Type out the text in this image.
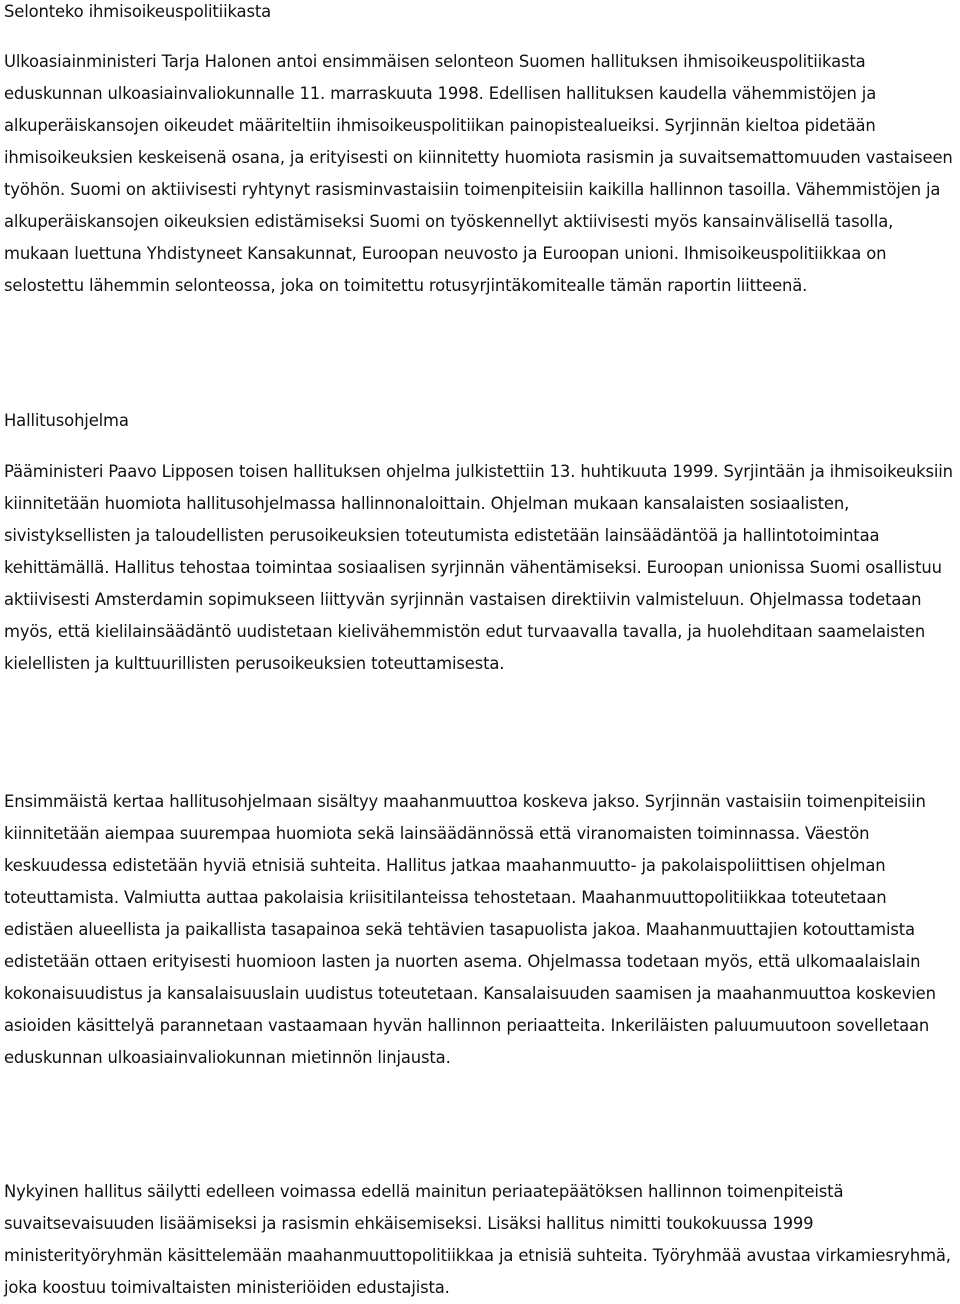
Selonteko ihmisoikeuspolitiikasta

Ulkoasiainministeri Tarja Halonen antoi ensimmäisen selonteon Suomen hallituksen ihmisoikeuspolitiikasta eduskunnan ulkoasiainvaliokunnalle 11. marraskuuta 1998. Edellisen hallituksen kaudella vähemmistöjen ja alkuperäiskansojen oikeudet määriteltiin ihmisoikeuspolitiikan painopistealueiksi. Syrjinnän kieltoa pidetään ihmisoikeuksien keskeisenä osana, ja erityisesti on kiinnitetty huomiota rasismin ja suvaitsemattomuuden vastaiseen työhön. Suomi on aktiivisesti ryhtynyt rasisminvastaisiin toimenpiteisiin kaikilla hallinnon tasoilla. Vähemmistöjen ja alkuperäiskansojen oikeuksien edistämiseksi Suomi on työskennellyt aktiivisesti myös kansainvälisellä tasolla, mukaan luettuna Yhdistyneet Kansakunnat, Euroopan neuvosto ja Euroopan unioni. Ihmisoikeuspolitiikkaa on selostettu lähemmin selonteossa, joka on toimitettu rotusyrjintäkomitealle tämän raportin liitteenä.

Hallitusohjelma

Pääministeri Paavo Lipposen toisen hallituksen ohjelma julkistettiin 13. huhtikuuta 1999. Syrjintään ja ihmisoikeuksiin kiinnitetään huomiota hallitusohjelmassa hallinnonaloittain. Ohjelman mukaan kansalaisten sosiaalisten, sivistyksellisten ja taloudellisten perusoikeuksien toteutumista edistetään lainsäädäntöä ja hallintotoimintaa kehittämällä. Hallitus tehostaa toimintaa sosiaalisen syrjinnän vähentämiseksi. Euroopan unionissa Suomi osallistuu aktiivisesti Amsterdamin sopimukseen liittyvän syrjinnän vastaisen direktiivin valmisteluun. Ohjelmassa todetaan myös, että kielilainsäädäntö uudistetaan kielivähemmistön edut turvaavalla tavalla, ja huolehditaan saamelaisten kielellisten ja kulttuurillisten perusoikeuksien toteuttamisesta.

Ensimmäistä kertaa hallitusohjelmaan sisältyy maahanmuuttoa koskeva jakso. Syrjinnän vastaisiin toimenpiteisiin kiinnitetään aiempaa suurempaa huomiota sekä lainsäädännössä että viranomaisten toiminnassa. Väestön keskuudessa edistetään hyviä etnisiä suhteita. Hallitus jatkaa maahanmuutto- ja pakolaispoliittisen ohjelman toteuttamista. Valmiutta auttaa pakolaisia kriisitilanteissa tehostetaan. Maahanmuuttopolitiikkaa toteutetaan edistäen alueellista ja paikallista tasapainoa sekä tehtävien tasapuolista jakoa. Maahanmuuttajien kotouttamista edistetään ottaen erityisesti huomioon lasten ja nuorten asema. Ohjelmassa todetaan myös, että ulkomaalaislain kokonaisuudistus ja kansalaisuuslain uudistus toteutetaan. Kansalaisuuden saamisen ja maahanmuuttoa koskevien asioiden käsittelyä parannetaan vastaamaan hyvän hallinnon periaatteita. Inkeriläisten paluumuutoon sovelletaan eduskunnan ulkoasiainvaliokunnan mietinnön linjausta.

Nykyinen hallitus säilytti edelleen voimassa edellä mainitun periaatepäätöksen hallinnon toimenpiteistä suvaitsevaisuuden lisäämiseksi ja rasismin ehkäisemiseksi. Lisäksi hallitus nimitti toukokuussa 1999 ministerityöryhmän käsittelemään maahanmuuttopolitiikkaa ja etnisiä suhteita. Työryhmää avustaa virkamiesryhmä, joka koostuu toimivaltaisten ministeriöiden edustajista.
